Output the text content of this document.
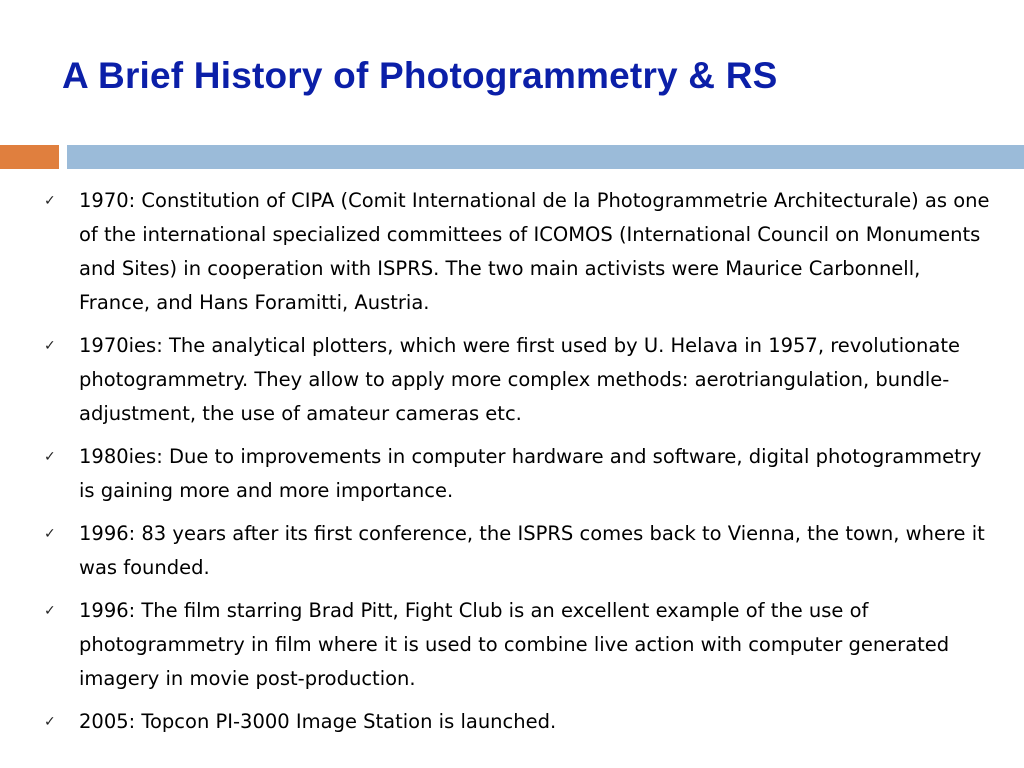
A Brief History of Photogrammetry & RS
✓	1970: Constitution of CIPA (Comit International de la Photogrammetrie Architecturale) as one of the international specialized committees of ICOMOS (International Council on Monuments and Sites) in cooperation with ISPRS. The two main activists were Maurice Carbonnell, France, and Hans Foramitti, Austria.
✓	1970ies: The analytical plotters, which were first used by U. Helava in 1957, revolutionate photogrammetry. They allow to apply more complex methods: aerotriangulation, bundle-adjustment, the use of amateur cameras etc.
✓	1980ies: Due to improvements in computer hardware and software, digital photogrammetry is gaining more and more importance.
✓	1996: 83 years after its first conference, the ISPRS comes back to Vienna, the town, where it was founded.
✓	1996: The film starring Brad Pitt, Fight Club is an excellent example of the use of photogrammetry in film where it is used to combine live action with computer generated imagery in movie post-production.
✓	2005: Topcon PI-3000 Image Station is launched.
